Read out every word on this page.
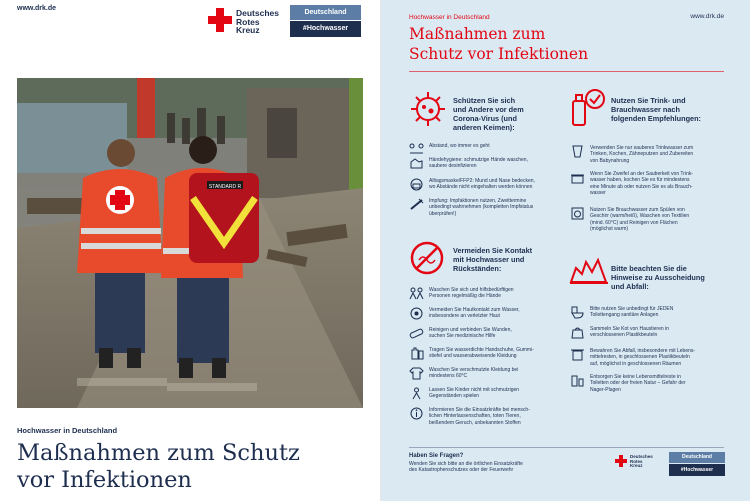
www.drk.de	Deutsches
Rotes
Kreuz
Deutschland
#Hochwasser
STANDARD R
Hochwasser in Deutschland
Maßnahmen zum Schutz
vor Infektionen
Hochwasser in Deutschland	www.drk.de
Maßnahmen zum
Schutz vor Infektionen
Schützen Sie sich
und Andere vor dem
Corona-Virus (und
anderen Keimen):
Abstand, wo immer es geht
Händehygiene: schmutzige Hände waschen,
saubere desinfizieren
Alltagsmaske/FFP2: Mund und Nase bedecken,
wo Abstände nicht eingehalten werden können
Impfung: Impfaktionen nutzen, Zweittermine
unbedingt wahrnehmen (kompletten Impfstatus
überprüfen!)
Nutzen Sie Trink- und
Brauchwasser nach
folgenden Empfehlungen:
Verwenden Sie nur sauberes Trinkwasser zum
Trinken, Kochen, Zähneputzen und Zubereiten
von Babynahrung
Wenn Sie Zweifel an der Sauberkeit von Trink-
wasser haben, kochen Sie es für mindestens
eine Minute ab oder nutzen Sie es als Brauch-
wasser
Nutzen Sie Brauchwasser zum Spülen von
Geschirr (warm/heiß), Waschen von Textilien
(mind. 60°C) und Reinigen von Flächen
(möglichst warm)
Vermeiden Sie Kontakt
mit Hochwasser und
Rückständen:
Waschen Sie sich und hilfsbedürftigen
Personen regelmäßig die Hände
Vermeiden Sie Hautkontakt zum Wasser,
insbesondere an verletzter Haut
Reinigen und verbinden Sie Wunden,
suchen Sie medizinische Hilfe
Tragen Sie wasserdichte Handschuhe, Gummi-
stiefel und wasserabweisende Kleidung
Waschen Sie verschmutzte Kleidung bei
mindestens 60°C
Lassen Sie Kinder nicht mit schmutzigen
Gegenständen spielen
Informieren Sie die Einsatzkräfte bei mensch-
lichen Hinterlassenschaften, toten Tieren,
beißendem Geruch, unbekannten Stoffen
Bitte beachten Sie die
Hinweise zu Ausscheidung
und Abfall:
Bitte nutzen Sie unbedingt für JEDEN
Toilettengang sanitäre Anlagen
Sammeln Sie Kot von Haustieren in
verschlossenen Plastikbeuteln
Bewahren Sie Abfall, insbesondere mit Lebens-
mittelresten, in geschlossenen Plastikbeuteln
auf, möglichst in geschlossenen Räumen
Entsorgen Sie keine Lebensmittelreste in
Toiletten oder der freien Natur – Gefahr der
Nager-Plagen
Haben Sie Fragen?
Wenden Sie sich bitte an die örtlichen Einsatzkräfte
des Katastrophenschutzes oder der Feuerwehr
Deutsches
Rotes
Kreuz
Deutschland
#Hochwasser
